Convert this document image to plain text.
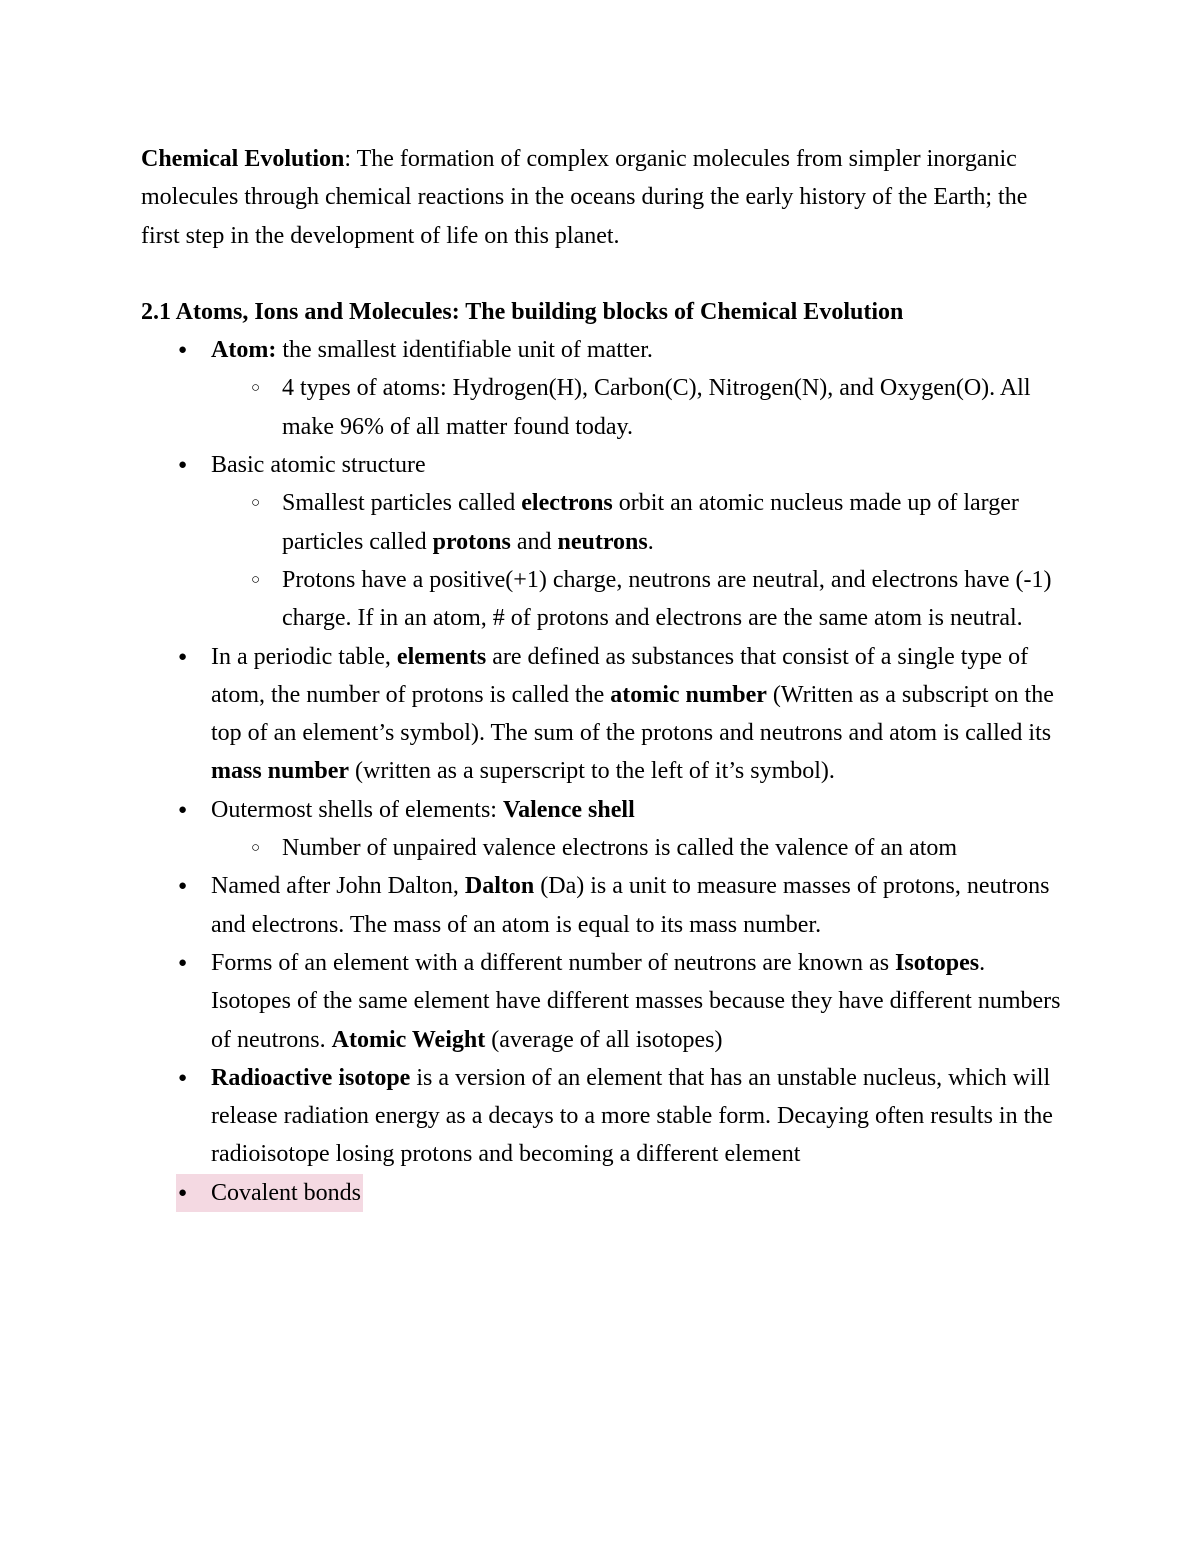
Chemical Evolution: The formation of complex organic molecules from simpler inorganic molecules through chemical reactions in the oceans during the early history of the Earth; the first step in the development of life on this planet.

2.1 Atoms, Ions and Molecules: The building blocks of Chemical Evolution

● Atom: the smallest identifiable unit of matter.
○ 4 types of atoms: Hydrogen(H), Carbon(C), Nitrogen(N), and Oxygen(O). All make 96% of all matter found today.
● Basic atomic structure
○ Smallest particles called electrons orbit an atomic nucleus made up of larger particles called protons and neutrons.
○ Protons have a positive(+1) charge, neutrons are neutral, and electrons have (-1) charge. If in an atom, # of protons and electrons are the same atom is neutral.
● In a periodic table, elements are defined as substances that consist of a single type of atom, the number of protons is called the atomic number (Written as a subscript on the top of an element’s symbol). The sum of the protons and neutrons and atom is called its mass number (written as a superscript to the left of it’s symbol).
● Outermost shells of elements: Valence shell
○ Number of unpaired valence electrons is called the valence of an atom
● Named after John Dalton, Dalton (Da) is a unit to measure masses of protons, neutrons and electrons. The mass of an atom is equal to its mass number.
● Forms of an element with a different number of neutrons are known as Isotopes. Isotopes of the same element have different masses because they have different numbers of neutrons. Atomic Weight (average of all isotopes)
● Radioactive isotope is a version of an element that has an unstable nucleus, which will release radiation energy as a decays to a more stable form. Decaying often results in the radioisotope losing protons and becoming a different element
● Covalent bonds
